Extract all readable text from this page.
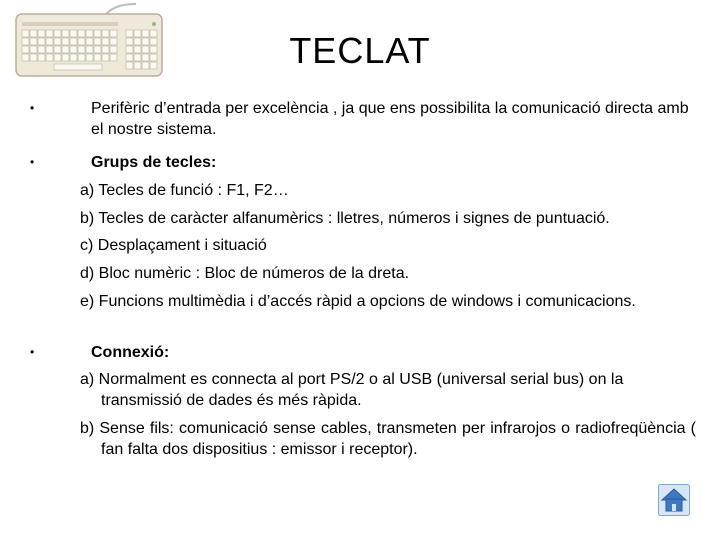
TECLAT
•	Perifèric d’entrada per excelència , ja que ens possibilita la comunicació directa amb el nostre sistema.
•	Grups de tecles:
a) Tecles de funció : F1, F2…
b) Tecles de caràcter alfanumèrics : lletres, números i signes de puntuació.
c) Desplaçament i situació
d) Bloc numèric : Bloc de números de la dreta.
e) Funcions multimèdia i d’accés ràpid a opcions de windows i comunicacions.
•	Connexió:
a) Normalment es connecta al port PS/2 o al USB (universal serial bus) on la transmissió de dades és més ràpida.
b) Sense fils: comunicació sense cables, transmeten per infrarojos o radiofreqüència ( fan falta dos dispositius : emissor i receptor).
